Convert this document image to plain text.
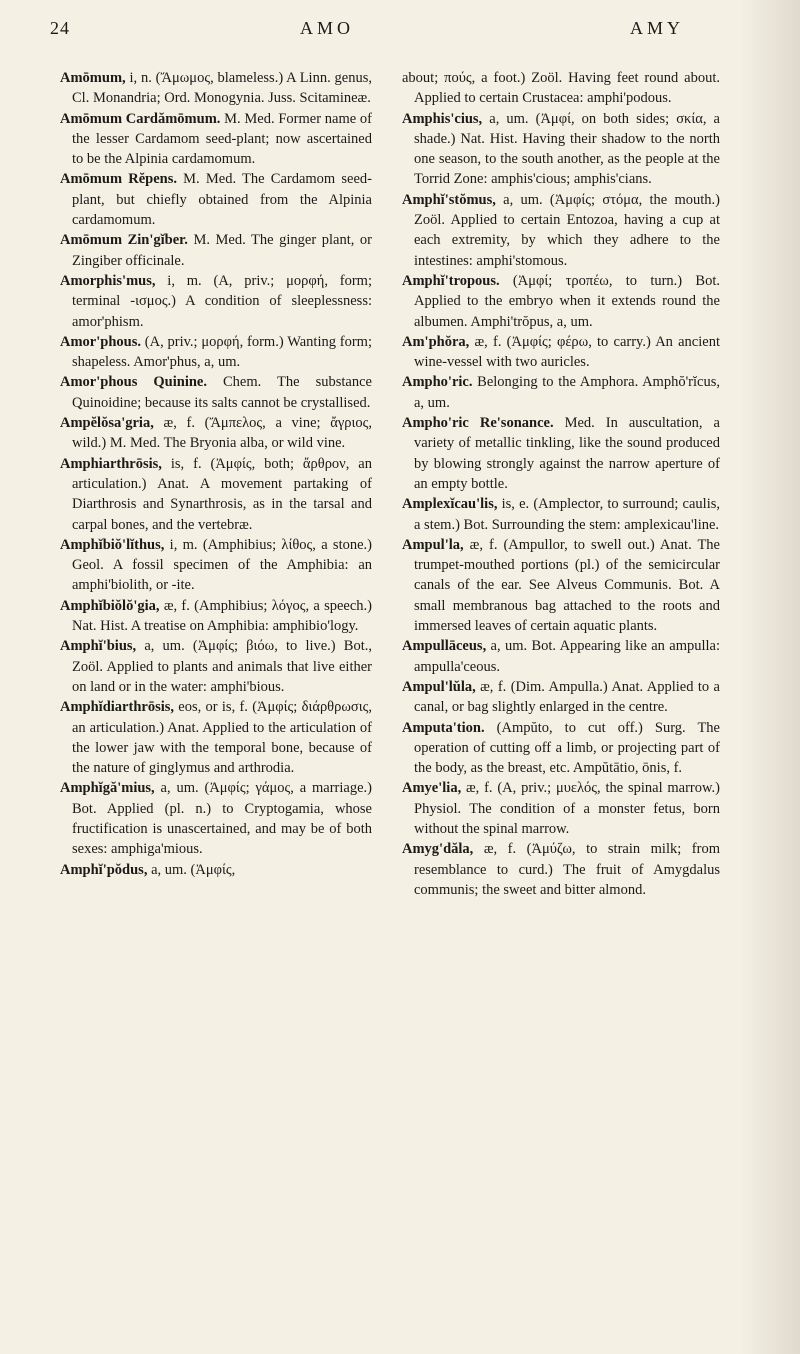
24	AMO	AMY

Amōmum, i, n. (Ἄμωμος, blameless.) A Linn. genus, Cl. Monandria; Ord. Monogynia. Juss. Scitamineæ.

Amōmum Cardămōmum. M. Med. Former name of the lesser Cardamom seed-plant; now ascertained to be the Alpinia cardamomum.

Amōmum Rĕpens. M. Med. The Cardamom seed-plant, but chiefly obtained from the Alpinia cardamomum.

Amōmum Zin'gĭber. M. Med. The ginger plant, or Zingiber officinale.

Amorphis'mus, i, m. (A, priv.; μορφή, form; terminal -ισμος.) A condition of sleeplessness: amor'phism.

Amor'phous. (A, priv.; μορφή, form.) Wanting form; shapeless. Amor'phus, a, um.

Amor'phous Quinine. Chem. The substance Quinoidine; because its salts cannot be crystallised.

Ampĕlŏsa'gria, æ, f. (Ἄμπελος, a vine; ἄγριος, wild.) M. Med. The Bryonia alba, or wild vine.

Amphiarthrōsis, is, f. (Ἀμφίς, both; ἄρθρον, an articulation.) Anat. A movement partaking of Diarthrosis and Synarthrosis, as in the tarsal and carpal bones, and the vertebræ.

Amphĭbiŏ'lĭthus, i, m. (Amphibius; λίθος, a stone.) Geol. A fossil specimen of the Amphibia: an amphi'biolith, or -ite.

Amphĭbiŏlŏ'gia, æ, f. (Amphibius; λόγος, a speech.) Nat. Hist. A treatise on Amphibia: amphibio'logy.

Amphĭ'bius, a, um. (Ἀμφίς; βιόω, to live.) Bot., Zoöl. Applied to plants and animals that live either on land or in the water: amphi'bious.

Amphĭdiarthrōsis, eos, or is, f. (Ἀμφίς; διάρθρωσις, an articulation.) Anat. Applied to the articulation of the lower jaw with the temporal bone, because of the nature of ginglymus and arthrodia.

Amphĭgă'mius, a, um. (Ἀμφίς; γάμος, a marriage.) Bot. Applied (pl. n.) to Cryptogamia, whose fructification is unascertained, and may be of both sexes: amphiga'mious.

Amphĭ'pŏdus, a, um. (Ἀμφίς,

about; πούς, a foot.) Zoöl. Having feet round about. Applied to certain Crustacea: amphi'podous.

Amphis'cius, a, um. (Ἀμφί, on both sides; σκία, a shade.) Nat. Hist. Having their shadow to the north one season, to the south another, as the people at the Torrid Zone: amphis'cious; amphis'cians.

Amphĭ'stŏmus, a, um. (Ἀμφίς; στόμα, the mouth.) Zoöl. Applied to certain Entozoa, having a cup at each extremity, by which they adhere to the intestines: amphi'stomous.

Amphĭ'tropous. (Ἀμφί; τροπέω, to turn.) Bot. Applied to the embryo when it extends round the albumen. Amphi'trŏpus, a, um.

Am'phŏra, æ, f. (Ἀμφίς; φέρω, to carry.) An ancient wine-vessel with two auricles.

Ampho'ric. Belonging to the Amphora. Amphŏ'rĭcus, a, um.

Ampho'ric Re'sonance. Med. In auscultation, a variety of metallic tinkling, like the sound produced by blowing strongly against the narrow aperture of an empty bottle.

Amplexĭcau'lis, is, e. (Amplector, to surround; caulis, a stem.) Bot. Surrounding the stem: amplexicau'line.

Ampul'la, æ, f. (Ampullor, to swell out.) Anat. The trumpet-mouthed portions (pl.) of the semicircular canals of the ear. See Alveus Communis. Bot. A small membranous bag attached to the roots and immersed leaves of certain aquatic plants.

Ampullāceus, a, um. Bot. Appearing like an ampulla: ampulla'ceous.

Ampul'lŭla, æ, f. (Dim. Ampulla.) Anat. Applied to a canal, or bag slightly enlarged in the centre.

Amputa'tion. (Ampŭto, to cut off.) Surg. The operation of cutting off a limb, or projecting part of the body, as the breast, etc. Ampŭtātio, ōnis, f.

Amye'lia, æ, f. (A, priv.; μυελός, the spinal marrow.) Physiol. The condition of a monster fetus, born without the spinal marrow.

Amyg'dăla, æ, f. (Ἀμύζω, to strain milk; from resemblance to curd.) The fruit of Amygdalus communis; the sweet and bitter almond.
